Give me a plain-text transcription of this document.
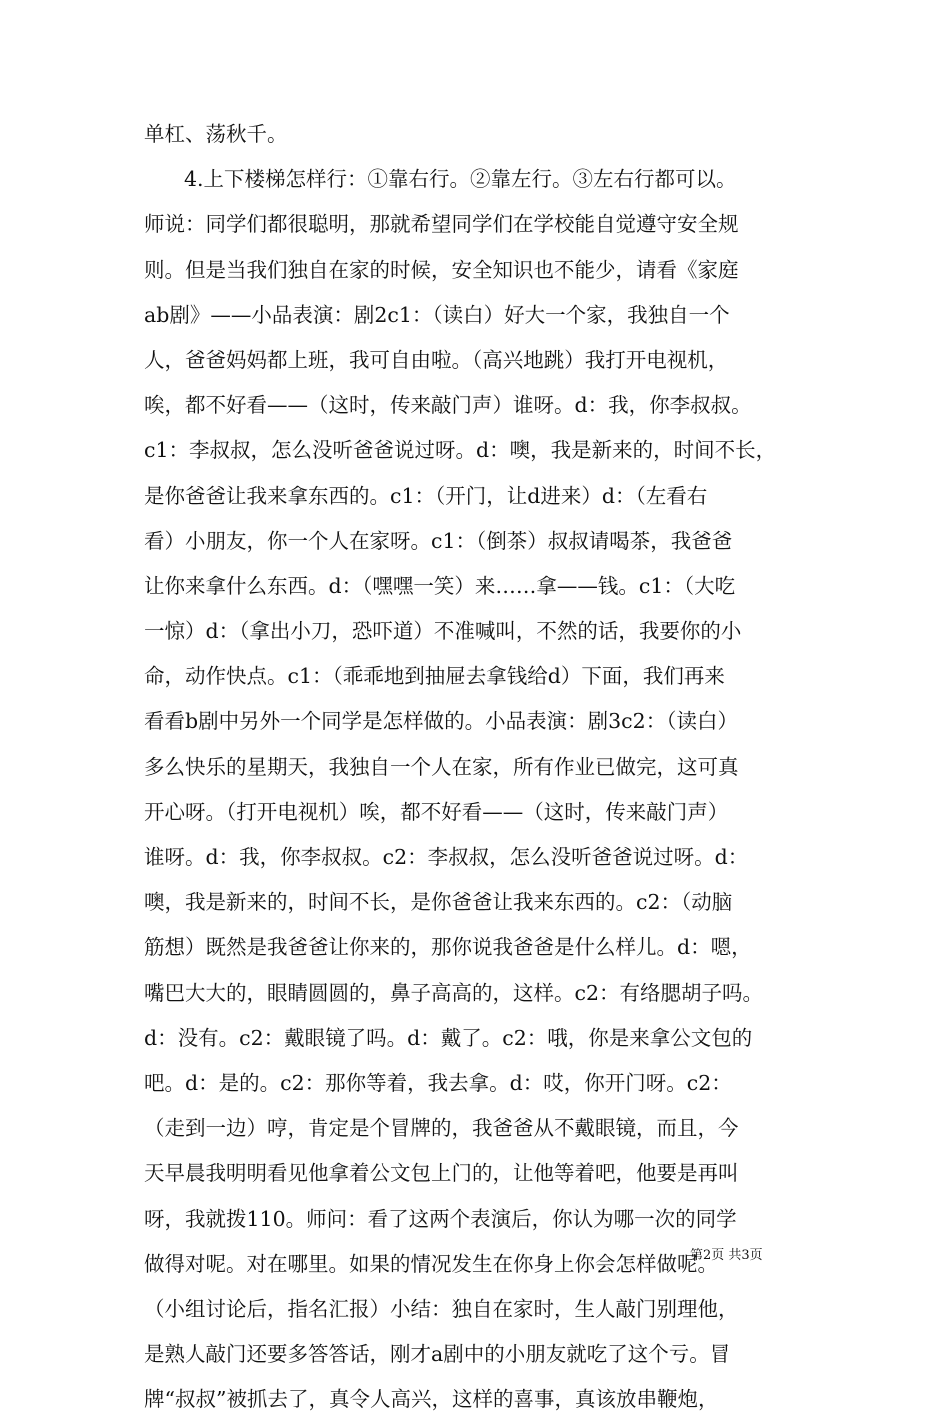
单杠、荡秋千。
4.上下楼梯怎样行：①靠右行。②靠左行。③左右行都可以。
师说：同学们都很聪明，那就希望同学们在学校能自觉遵守安全规
则。但是当我们独自在家的时候，安全知识也不能少，请看《家庭
ab剧》——小品表演：剧2c1：（读白）好大一个家，我独自一个
人，爸爸妈妈都上班，我可自由啦。（高兴地跳）我打开电视机，
唉，都不好看——（这时，传来敲门声）谁呀。d：我，你李叔叔。
c1：李叔叔，怎么没听爸爸说过呀。d：噢，我是新来的，时间不长，
是你爸爸让我来拿东西的。c1：（开门，让d进来）d：（左看右
看）小朋友，你一个人在家呀。c1：（倒茶）叔叔请喝茶，我爸爸
让你来拿什么东西。d：（嘿嘿一笑）来……拿——钱。c1：（大吃
一惊）d：（拿出小刀，恐吓道）不准喊叫，不然的话，我要你的小
命，动作快点。c1：（乖乖地到抽屉去拿钱给d）下面，我们再来
看看b剧中另外一个同学是怎样做的。小品表演：剧3c2：（读白）
多么快乐的星期天，我独自一个人在家，所有作业已做完，这可真
开心呀。（打开电视机）唉，都不好看——（这时，传来敲门声）
谁呀。d：我，你李叔叔。c2：李叔叔，怎么没听爸爸说过呀。d：
噢，我是新来的，时间不长，是你爸爸让我来东西的。c2：（动脑
筋想）既然是我爸爸让你来的，那你说我爸爸是什么样儿。d：嗯，
嘴巴大大的，眼睛圆圆的，鼻子高高的，这样。c2：有络腮胡子吗。
d：没有。c2：戴眼镜了吗。d：戴了。c2：哦，你是来拿公文包的
吧。d：是的。c2：那你等着，我去拿。d：哎，你开门呀。c2：
（走到一边）哼，肯定是个冒牌的，我爸爸从不戴眼镜，而且，今
天早晨我明明看见他拿着公文包上门的，让他等着吧，他要是再叫
呀，我就拨110。师问：看了这两个表演后，你认为哪一次的同学
做得对呢。对在哪里。如果的情况发生在你身上你会怎样做呢。
（小组讨论后，指名汇报）小结：独自在家时，生人敲门别理他，
是熟人敲门还要多答答话，刚才a剧中的小朋友就吃了这个亏。冒
牌“叔叔”被抓去了，真令人高兴，这样的喜事，真该放串鞭炮，
第2页 共3页
